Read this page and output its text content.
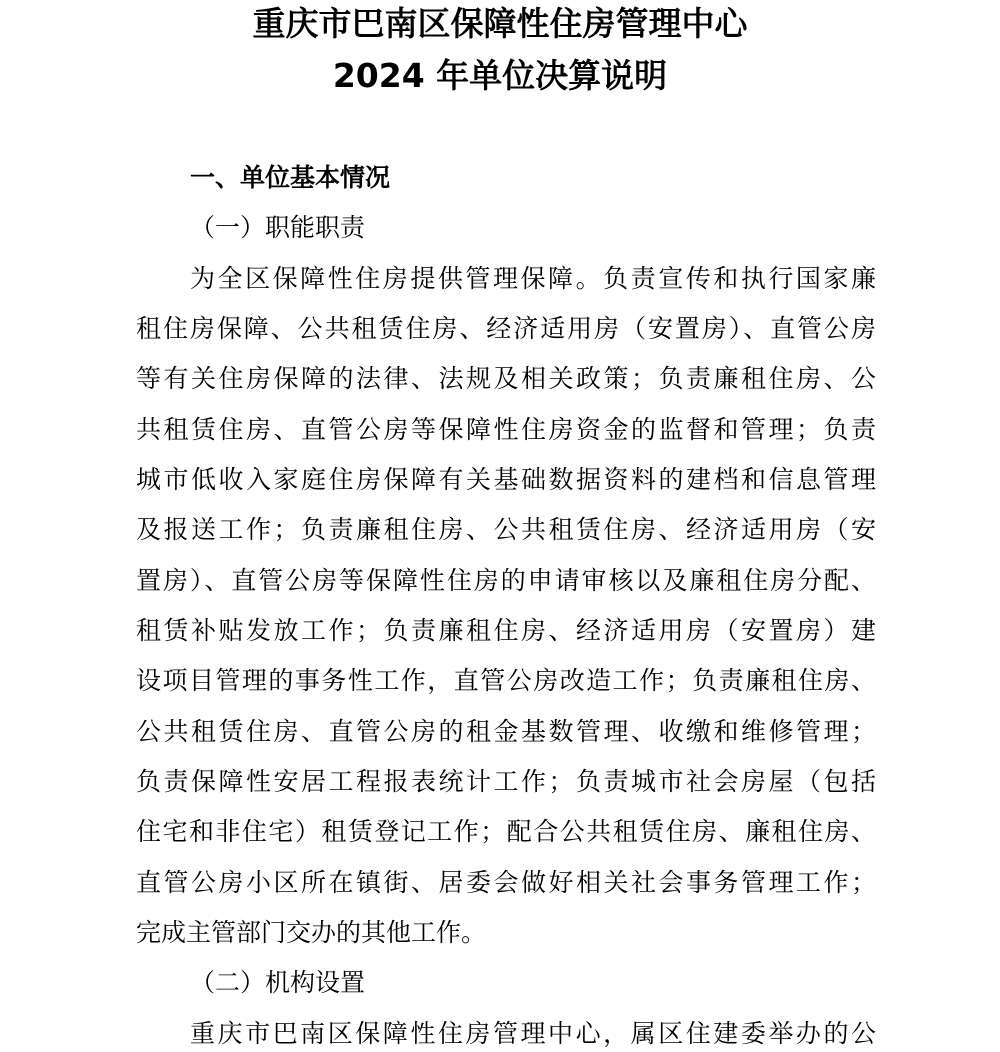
重庆市巴南区保障性住房管理中心
2024 年单位决算说明
一、单位基本情况
（一）职能职责
为全区保障性住房提供管理保障。负责宣传和执行国家廉
租住房保障、公共租赁住房、经济适用房（安置房）、直管公房
等有关住房保障的法律、法规及相关政策；负责廉租住房、公
共租赁住房、直管公房等保障性住房资金的监督和管理；负责
城市低收入家庭住房保障有关基础数据资料的建档和信息管理
及报送工作；负责廉租住房、公共租赁住房、经济适用房（安
置房）、直管公房等保障性住房的申请审核以及廉租住房分配、
租赁补贴发放工作；负责廉租住房、经济适用房（安置房）建
设项目管理的事务性工作，直管公房改造工作；负责廉租住房、
公共租赁住房、直管公房的租金基数管理、收缴和维修管理；
负责保障性安居工程报表统计工作；负责城市社会房屋（包括
住宅和非住宅）租赁登记工作；配合公共租赁住房、廉租住房、
直管公房小区所在镇街、居委会做好相关社会事务管理工作；
完成主管部门交办的其他工作。
（二）机构设置
重庆市巴南区保障性住房管理中心，属区住建委举办的公
